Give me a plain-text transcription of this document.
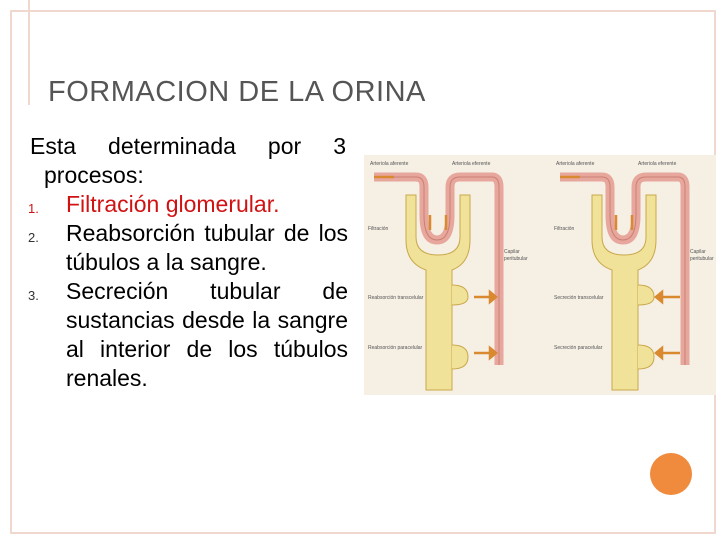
FORMACION DE LA ORINA
Esta determinada por 3
procesos:
1. Filtración glomerular.
2. Reabsorción tubular de los túbulos a la sangre.
3. Secreción tubular de sustancias desde la sangre al interior de los túbulos renales.
Arteriola aferente	Arteriola eferente
Filtración
Capilar
peritubular
Reabsorción transcelular
Reabsorción paracelular
Arteriola aferente	Arteriola eferente
Filtración
Capilar
peritubular
Secreción transcelular
Secreción paracelular
